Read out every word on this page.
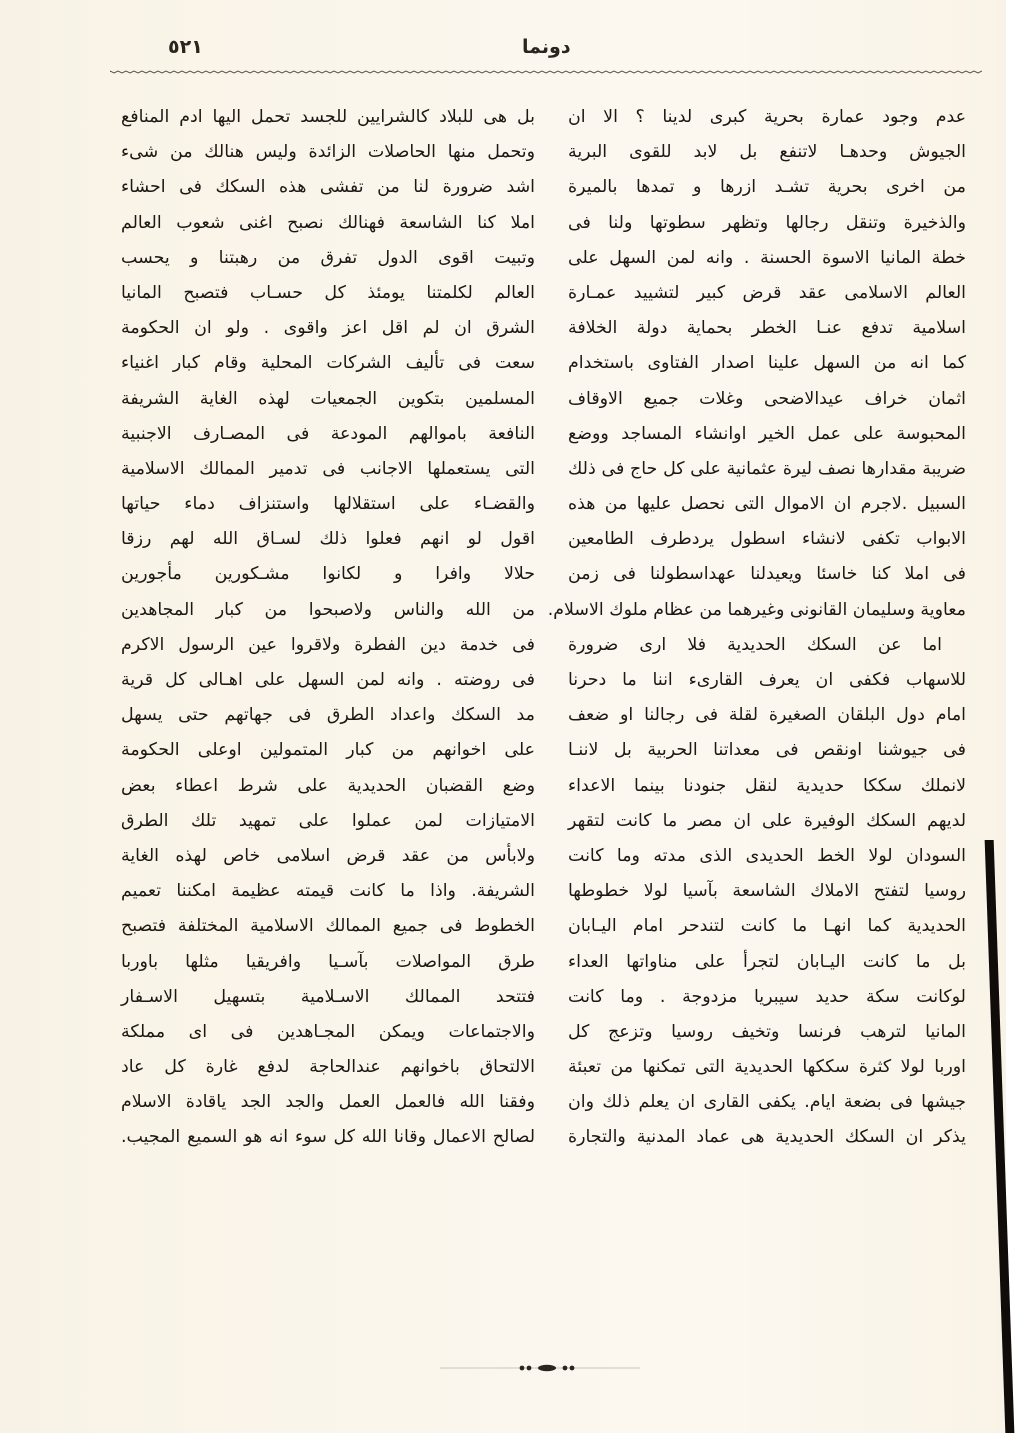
٥٢١	دونما
عدم وجود عمارة بحرية كبرى لدينا ؟ الا ان
الجيوش وحدهـا لاتنفع بل لابد للقوى البرية
من اخرى بحرية تشـد ازرها و تمدها بالميرة
والذخيرة وتنقل رجالها وتظهر سطوتها ولنا فى
خطة المانيا الاسوة الحسنة . وانه لمن السهل على
العالم الاسلامى عقد قرض كبير لتشييد عمـارة
اسلامية تدفع عنـا الخطر بحماية دولة الخلافة
كما انه من السهل علينا اصدار الفتاوى باستخدام
اثمان خراف عيدالاضحى وغلات جميع الاوقاف
المحبوسة على عمل الخير اوانشاء المساجد ووضع
ضريبة مقدارها نصف ليرة عثمانية على كل حاج فى ذلك
السبيل .لاجرم ان الاموال التى نحصل عليها من هذه
الابواب تكفى لانشاء اسطول يردطرف الطامعين
فى املا كنا خاسئا ويعيدلنا عهداسطولنا فى زمن
معاوية وسليمان القانونى وغيرهما من عظام ملوك الاسلام.
اما عن السكك الحديدية فلا ارى ضرورة
للاسهاب فكفى ان يعرف القارىء اننا ما دحرنا
امام دول البلقان الصغيرة لقلة فى رجالنا او ضعف
فى جيوشنا اونقص فى معداتنا الحربية بل لاننـا
لانملك سككا حديدية لنقل جنودنا بينما الاعداء
لديهم السكك الوفيرة على ان مصر ما كانت لتقهر
السودان لولا الخط الحديدى الذى مدته وما كانت
روسيا لتفتح الاملاك الشاسعة بآسيا لولا خطوطها
الحديدية كما انهـا ما كانت لتندحر امام اليـابان
بل ما كانت اليـابان لتجرأ على مناواتها العداء
لوكانت سكة حديد سيبريا مزدوجة . وما كانت
المانيا لترهب فرنسا وتخيف روسيا وتزعج كل
اوربا لولا كثرة سككها الحديدية التى تمكنها من تعبئة
جيشها فى بضعة ايام. يكفى القارى ان يعلم ذلك وان
يذكر ان السكك الحديدية هى عماد المدنية والتجارة
بل هى للبلاد كالشرايين للجسد تحمل اليها ادم المنافع
وتحمل منها الحاصلات الزائدة وليس هنالك من شىء
اشد ضرورة لنا من تفشى هذه السكك فى احشاء
املا كنا الشاسعة فهنالك نصبح اغنى شعوب العالم
وتبيت اقوى الدول تفرق من رهبتنا و يحسب
العالم لكلمتنا يومئذ كل حسـاب فتصبح المانيا
الشرق ان لم اقل اعز واقوى . ولو ان الحكومة
سعت فى تأليف الشركات المحلية وقام كبار اغنياء
المسلمين بتكوين الجمعيات لهذه الغاية الشريفة
النافعة باموالهم المودعة فى المصـارف الاجنبية
التى يستعملها الاجانب فى تدمير الممالك الاسلامية
والقضـاء على استقلالها واستنزاف دماء حياتها
اقول لو انهم فعلوا ذلك لسـاق الله لهم رزقا
حلالا وافرا و لكانوا مشـكورين مأجورين
من الله والناس ولاصبحوا من كبار المجاهدين
فى خدمة دين الفطرة ولاقروا عين الرسول الاكرم
فى روضته . وانه لمن السهل على اهـالى كل قرية
مد السكك واعداد الطرق فى جهاتهم حتى يسهل
على اخوانهم من كبار المتمولين اوعلى الحكومة
وضع القضبان الحديدية على شرط اعطاء بعض
الامتيازات لمن عملوا على تمهيد تلك الطرق
ولابأس من عقد قرض اسلامى خاص لهذه الغاية
الشريفة. واذا ما كانت قيمته عظيمة امكننا تعميم
الخطوط فى جميع الممالك الاسلامية المختلفة فتصبح
طرق المواصلات بآسـيا وافريقيا مثلها باوربا
فتتحد الممالك الاسـلامية بتسهيل الاسـفار
والاجتماعات ويمكن المجـاهدين فى اى مملكة
الالتحاق باخوانهم عندالحاجة لدفع غارة كل عاد
وفقنا الله فالعمل العمل والجد الجد ياقادة الاسلام
لصالح الاعمال وقانا الله كل سوء انه هو السميع المجيب.
